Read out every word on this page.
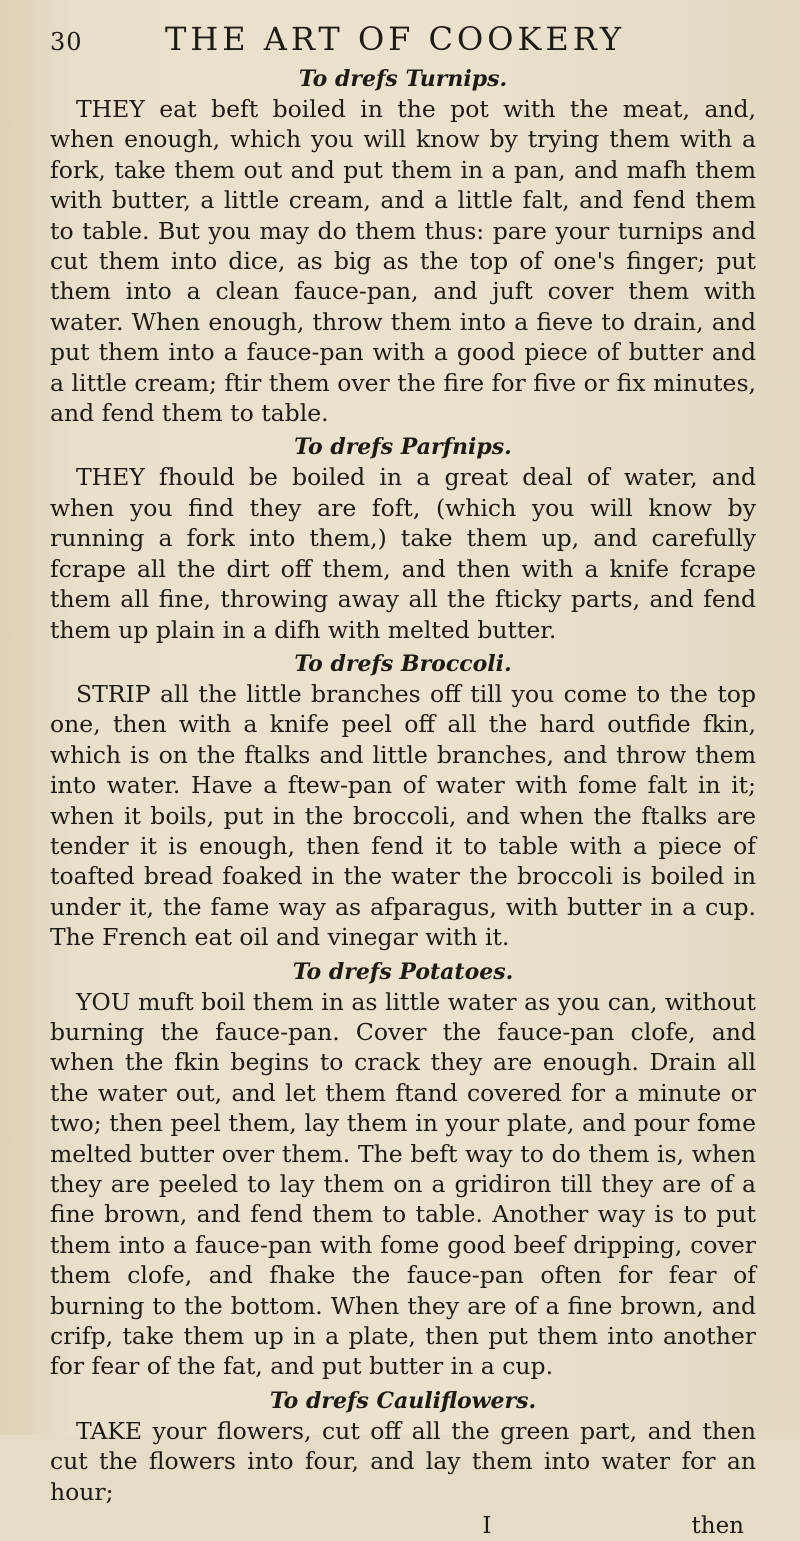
30	THE ART OF COOKERY
To drefs Turnips.

THEY eat beft boiled in the pot with the meat, and, when enough, which you will know by trying them with a fork, take them out and put them in a pan, and mafh them with butter, a little cream, and a little falt, and fend them to table. But you may do them thus: pare your turnips and cut them into dice, as big as the top of one's finger; put them into a clean fauce-pan, and juft cover them with water. When enough, throw them into a fieve to drain, and put them into a fauce-pan with a good piece of butter and a little cream; ftir them over the fire for five or fix minutes, and fend them to table.

To drefs Parfnips.

THEY fhould be boiled in a great deal of water, and when you find they are foft, (which you will know by running a fork into them,) take them up, and carefully fcrape all the dirt off them, and then with a knife fcrape them all fine, throwing away all the fticky parts, and fend them up plain in a difh with melted butter.

To drefs Broccoli.

STRIP all the little branches off till you come to the top one, then with a knife peel off all the hard outfide fkin, which is on the ftalks and little branches, and throw them into water. Have a ftew-pan of water with fome falt in it; when it boils, put in the broccoli, and when the ftalks are tender it is enough, then fend it to table with a piece of toafted bread foaked in the water the broccoli is boiled in under it, the fame way as afparagus, with butter in a cup. The French eat oil and vinegar with it.

To drefs Potatoes.

YOU muft boil them in as little water as you can, without burning the fauce-pan. Cover the fauce-pan clofe, and when the fkin begins to crack they are enough. Drain all the water out, and let them ftand covered for a minute or two; then peel them, lay them in your plate, and pour fome melted butter over them. The beft way to do them is, when they are peeled to lay them on a gridiron till they are of a fine brown, and fend them to table. Another way is to put them into a fauce-pan with fome good beef dripping, cover them clofe, and fhake the fauce-pan often for fear of burning to the bottom. When they are of a fine brown, and crifp, take them up in a plate, then put them into another for fear of the fat, and put butter in a cup.

To drefs Cauliflowers.

TAKE your flowers, cut off all the green part, and then cut the flowers into four, and lay them into water for an hour;

I	then
